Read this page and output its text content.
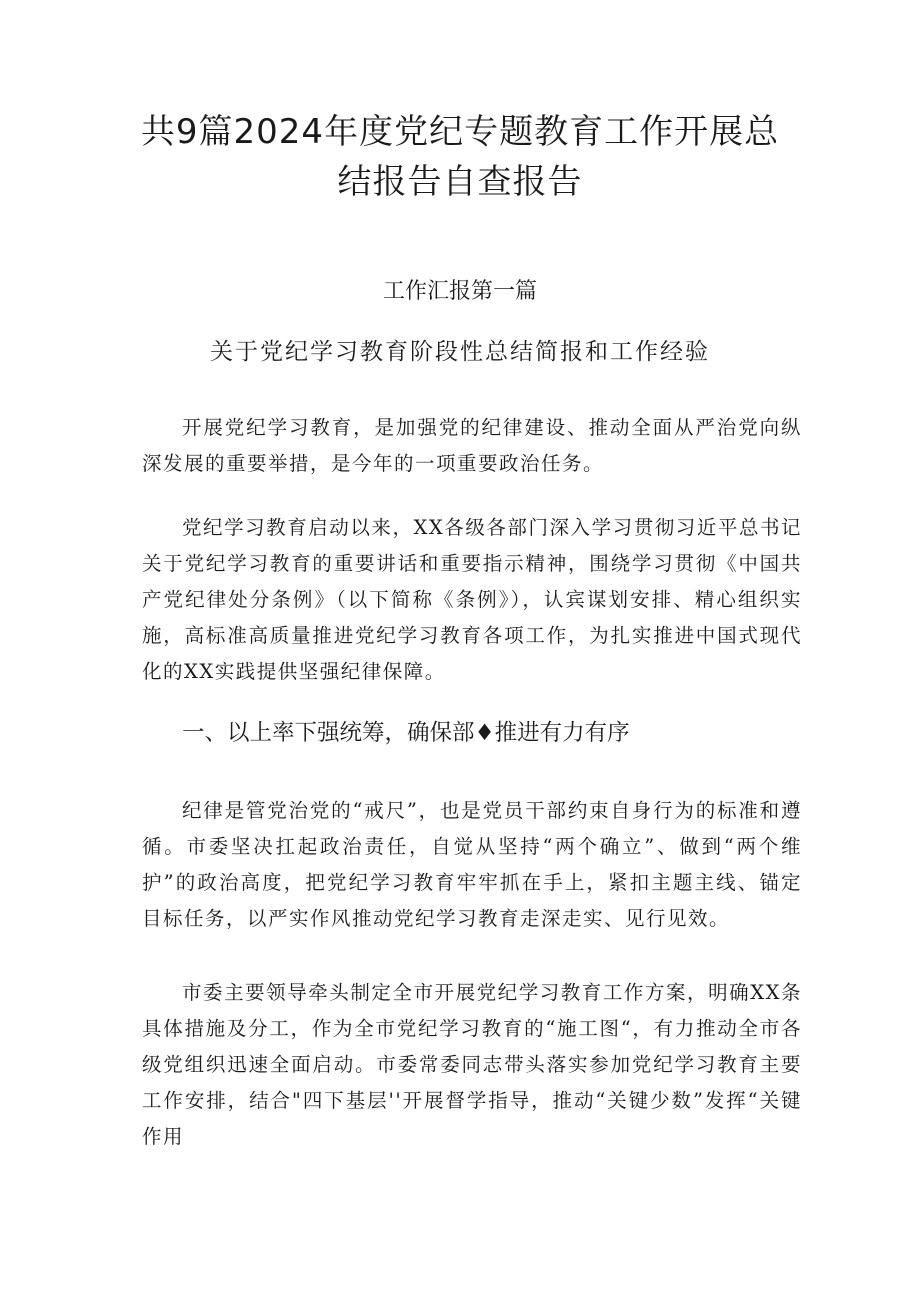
共9篇2024年度党纪专题教育工作开展总
结报告自查报告
工作汇报第一篇
关于党纪学习教育阶段性总结简报和工作经验

开展党纪学习教育，是加强党的纪律建设、推动全面从严治党向纵深发展的重要举措，是今年的一项重要政治任务。

党纪学习教育启动以来，XX各级各部门深入学习贯彻习近平总书记关于党纪学习教育的重要讲话和重要指示精神，围绕学习贯彻《中国共产党纪律处分条例》（以下简称《条例》），认宾谋划安排、精心组织实施，高标准高质量推进党纪学习教育各项工作，为扎实推进中国式现代化的XX实践提供坚强纪律保障。

一、以上率下强统筹，确保部♦推进有力有序

纪律是管党治党的“戒尺”，也是党员干部约束自身行为的标准和遵循。市委坚决扛起政治责任，自觉从坚持“两个确立”、做到“两个维护”的政治高度，把党纪学习教育牢牢抓在手上，紧扣主题主线、锚定目标任务，以严实作风推动党纪学习教育走深走实、见行见效。

市委主要领导牵头制定全市开展党纪学习教育工作方案，明确XX条具体措施及分工，作为全市党纪学习教育的“施工图“，有力推动全市各级党组织迅速全面启动。市委常委同志带头落实参加党纪学习教育主要工作安排，结合"四下基层''开展督学指导，推动“关键少数”发挥“关键作用
